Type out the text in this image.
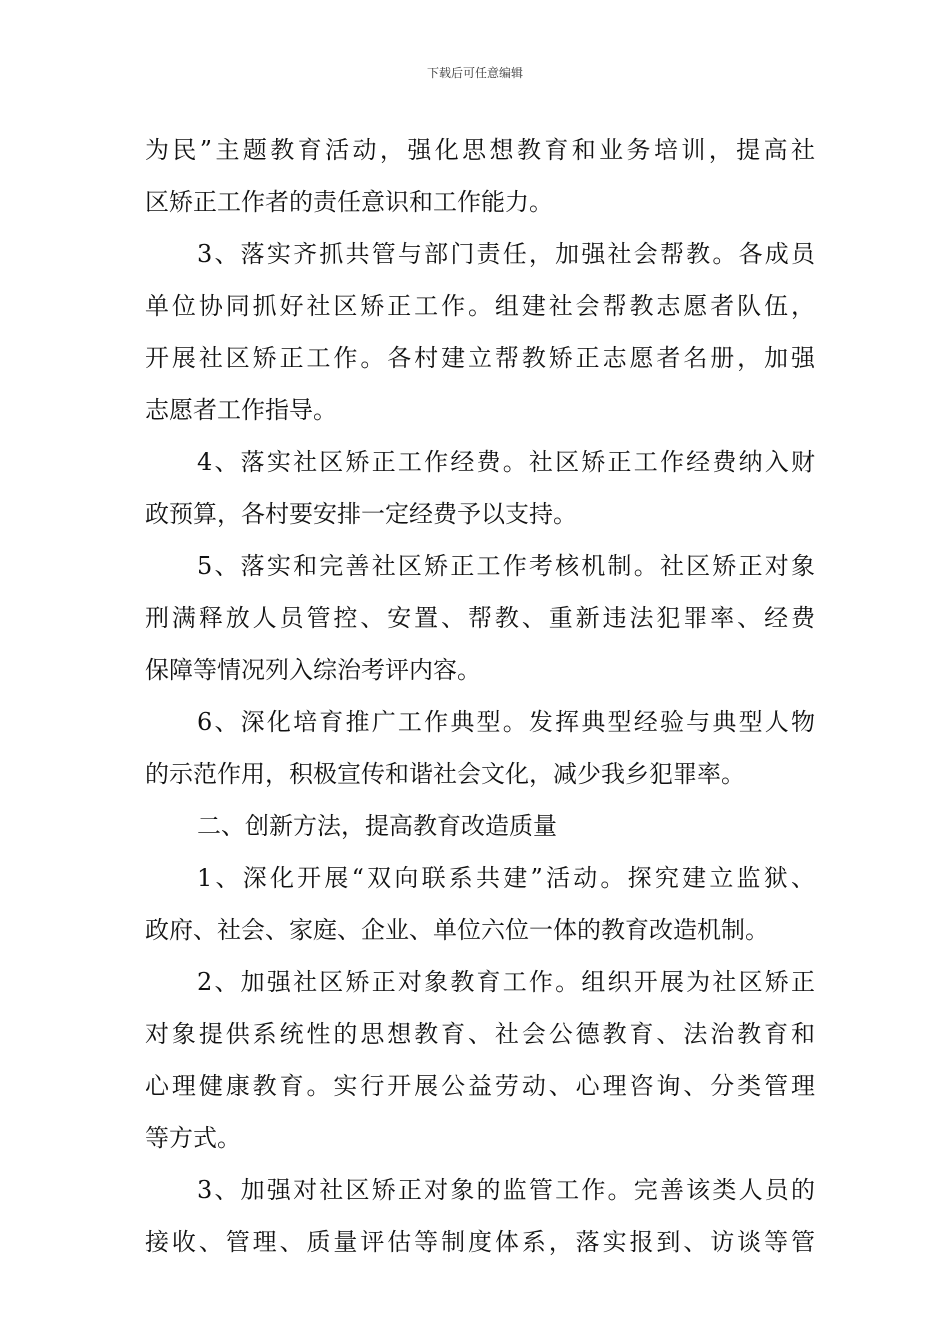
下载后可任意编辑
为民”主题教育活动，强化思想教育和业务培训，提高社
区矫正工作者的责任意识和工作能力。
3、落实齐抓共管与部门责任，加强社会帮教。各成员
单位协同抓好社区矫正工作。组建社会帮教志愿者队伍，
开展社区矫正工作。各村建立帮教矫正志愿者名册，加强
志愿者工作指导。
4、落实社区矫正工作经费。社区矫正工作经费纳入财
政预算，各村要安排一定经费予以支持。
5、落实和完善社区矫正工作考核机制。社区矫正对象
刑满释放人员管控、安置、帮教、重新违法犯罪率、经费
保障等情况列入综治考评内容。
6、深化培育推广工作典型。发挥典型经验与典型人物
的示范作用，积极宣传和谐社会文化，减少我乡犯罪率。
二、创新方法，提高教育改造质量
1、深化开展“双向联系共建”活动。探究建立监狱、
政府、社会、家庭、企业、单位六位一体的教育改造机制。
2、加强社区矫正对象教育工作。组织开展为社区矫正
对象提供系统性的思想教育、社会公德教育、法治教育和
心理健康教育。实行开展公益劳动、心理咨询、分类管理
等方式。
3、加强对社区矫正对象的监管工作。完善该类人员的
接收、管理、质量评估等制度体系，落实报到、访谈等管
